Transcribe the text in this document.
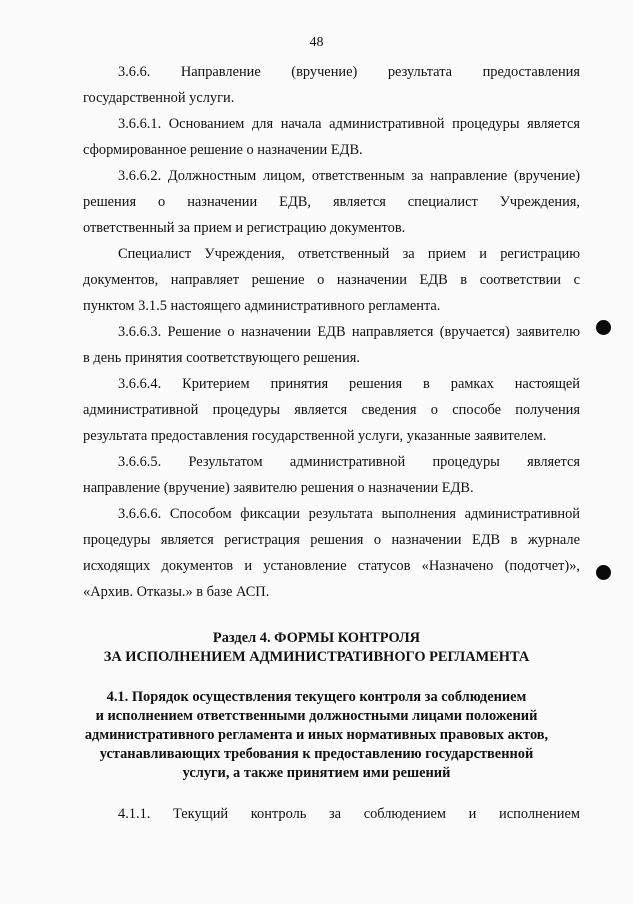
48
3.6.6. Направление (вручение) результата предоставления
государственной услуги.
3.6.6.1. Основанием для начала административной процедуры является
сформированное решение о назначении ЕДВ.
3.6.6.2. Должностным лицом, ответственным за направление (вручение)
решения о назначении ЕДВ, является специалист Учреждения,
ответственный за прием и регистрацию документов.
Специалист Учреждения, ответственный за прием и регистрацию
документов, направляет решение о назначении ЕДВ в соответствии с
пунктом 3.1.5 настоящего административного регламента.
3.6.6.3. Решение о назначении ЕДВ направляется (вручается) заявителю
в день принятия соответствующего решения.
3.6.6.4. Критерием принятия решения в рамках настоящей
административной процедуры является сведения о способе получения
результата предоставления государственной услуги, указанные заявителем.
3.6.6.5. Результатом административной процедуры является
направление (вручение) заявителю решения о назначении ЕДВ.
3.6.6.6. Способом фиксации результата выполнения административной
процедуры является регистрация решения о назначении ЕДВ в журнале
исходящих документов и установление статусов «Назначено (подотчет)»,
«Архив. Отказы.» в базе АСП.
Раздел 4. ФОРМЫ КОНТРОЛЯ
ЗА ИСПОЛНЕНИЕМ АДМИНИСТРАТИВНОГО РЕГЛАМЕНТА
4.1. Порядок осуществления текущего контроля за соблюдением
и исполнением ответственными должностными лицами положений
административного регламента и иных нормативных правовых актов,
устанавливающих требования к предоставлению государственной
услуги, а также принятием ими решений
4.1.1. Текущий контроль за соблюдением и исполнением
